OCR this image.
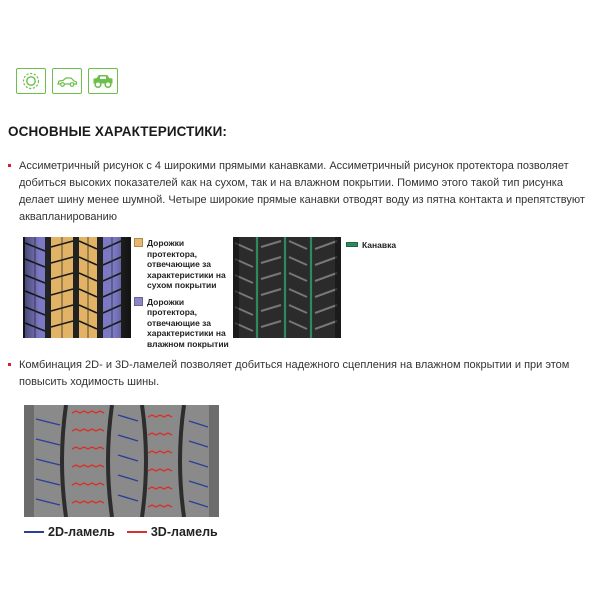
ОСНОВНЫЕ ХАРАКТЕРИСТИКИ:
Ассиметричный рисунок с 4 широкими прямыми канавками. Ассиметричный рисунок протектора позволяет добиться высоких показателей как на сухом, так и на влажном покрытии. Помимо этого такой тип рисунка делает шину менее шумной. Четыре широкие прямые канавки отводят воду из пятна контакта и препятствуют аквапланированию
Дорожки протектора, отвечающие за характеристики на сухом покрытии
Дорожки протектора, отвечающие за характеристики на влажном покрытии
Канавка
Комбинация 2D- и 3D-ламелей позволяет добиться надежного сцепления на влажном покрытии и при этом повысить ходимость шины.
2D-ламель	3D-ламель
